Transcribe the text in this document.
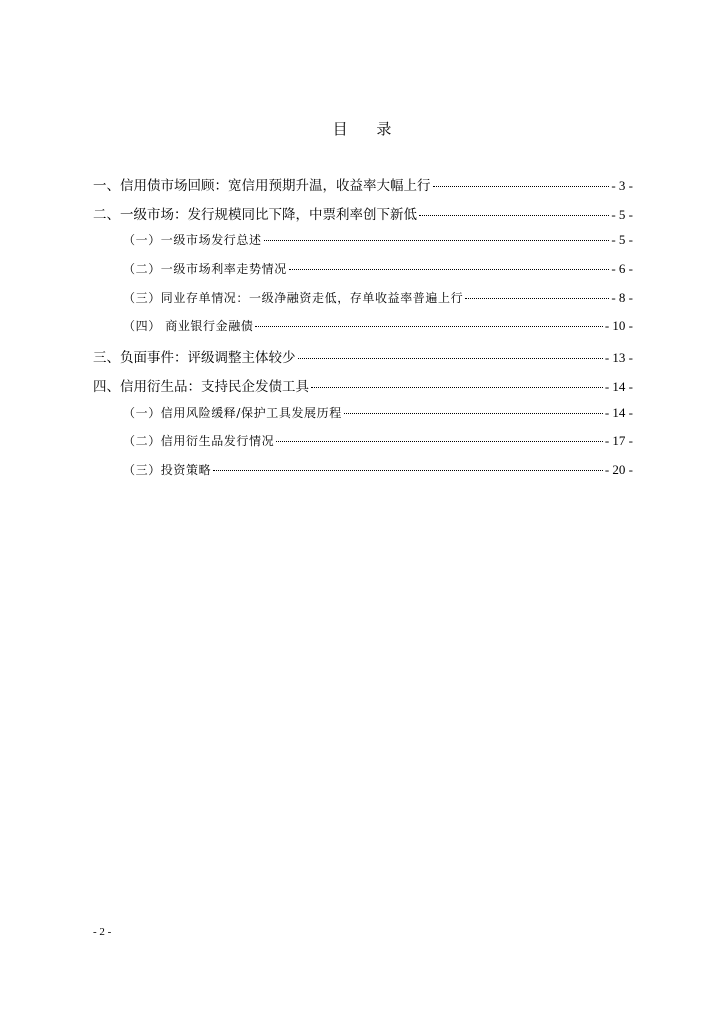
目 录
一、信用债市场回顾：宽信用预期升温，收益率大幅上行	- 3 -
二、一级市场：发行规模同比下降，中票利率创下新低	- 5 -
（一）一级市场发行总述	- 5 -
（二）一级市场利率走势情况	- 6 -
（三）同业存单情况：一级净融资走低，存单收益率普遍上行	- 8 -
（四） 商业银行金融债	- 10 -
三、负面事件：评级调整主体较少	- 13 -
四、信用衍生品：支持民企发债工具	- 14 -
（一）信用风险缓释/保护工具发展历程	- 14 -
（二）信用衍生品发行情况	- 17 -
（三）投资策略	- 20 -
- 2 -
